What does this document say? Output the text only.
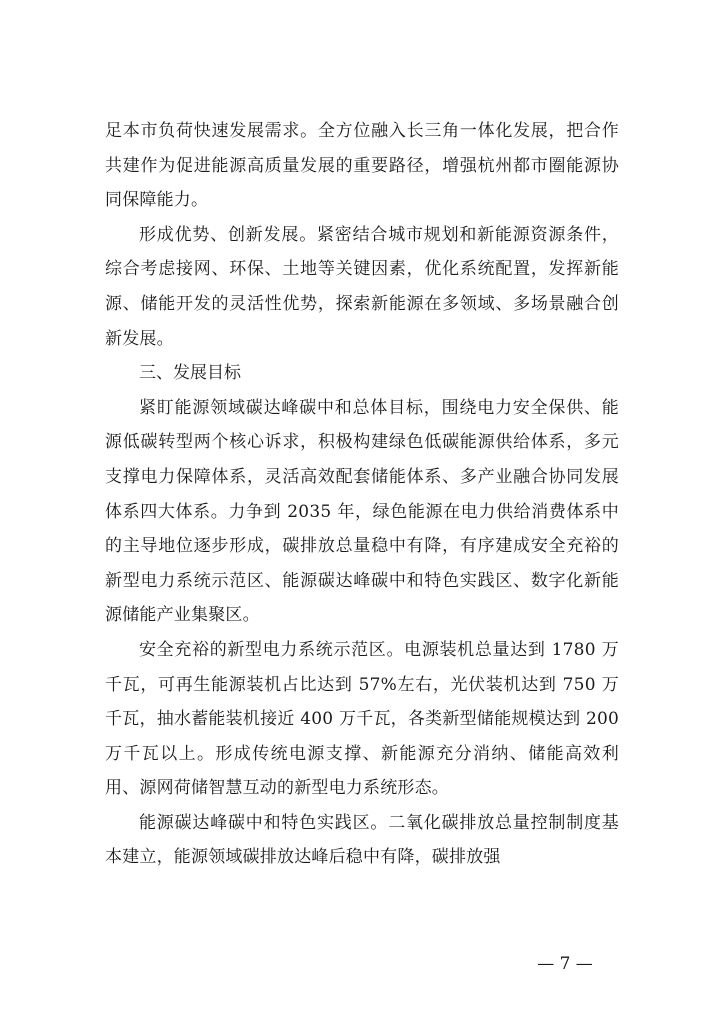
足本市负荷快速发展需求。全方位融入长三角一体化发展，把合作共建作为促进能源高质量发展的重要路径，增强杭州都市圈能源协同保障能力。

形成优势、创新发展。紧密结合城市规划和新能源资源条件，综合考虑接网、环保、土地等关键因素，优化系统配置，发挥新能源、储能开发的灵活性优势，探索新能源在多领域、多场景融合创新发展。

三、发展目标

紧盯能源领域碳达峰碳中和总体目标，围绕电力安全保供、能源低碳转型两个核心诉求，积极构建绿色低碳能源供给体系，多元支撑电力保障体系，灵活高效配套储能体系、多产业融合协同发展体系四大体系。力争到 2035 年，绿色能源在电力供给消费体系中的主导地位逐步形成，碳排放总量稳中有降，有序建成安全充裕的新型电力系统示范区、能源碳达峰碳中和特色实践区、数字化新能源储能产业集聚区。

安全充裕的新型电力系统示范区。电源装机总量达到 1780 万千瓦，可再生能源装机占比达到 57%左右，光伏装机达到 750 万千瓦，抽水蓄能装机接近 400 万千瓦，各类新型储能规模达到 200 万千瓦以上。形成传统电源支撑、新能源充分消纳、储能高效利用、源网荷储智慧互动的新型电力系统形态。

能源碳达峰碳中和特色实践区。二氧化碳排放总量控制制度基本建立，能源领域碳排放达峰后稳中有降，碳排放强

— 7 —
